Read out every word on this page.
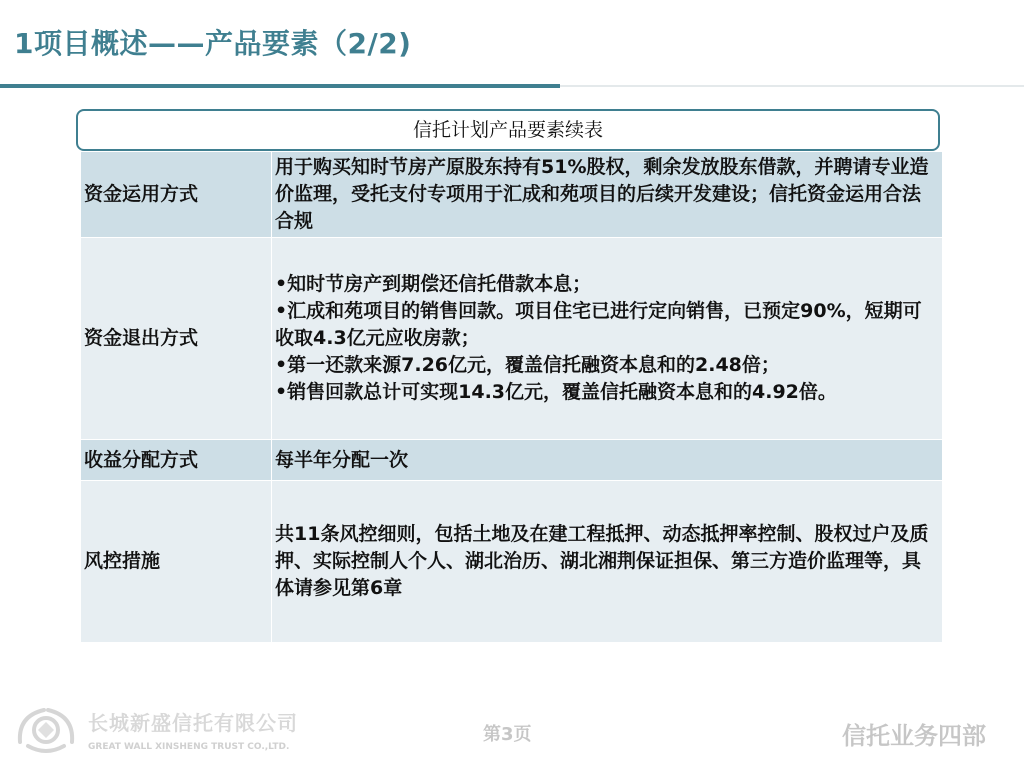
1项目概述——产品要素（2/2)
信托计划产品要素续表
资金运用方式	用于购买知时节房产原股东持有51%股权，剩余发放股东借款，并聘请专业造价监理，受托支付专项用于汇成和苑项目的后续开发建设；信托资金运用合法合规

资金退出方式	•知时节房产到期偿还信托借款本息；

•汇成和苑项目的销售回款。项目住宅已进行定向销售，已预定90%，短期可收取4.3亿元应收房款；

•第一还款来源7.26亿元，覆盖信托融资本息和的2.48倍；

•销售回款总计可实现14.3亿元，覆盖信托融资本息和的4.92倍。

收益分配方式	每半年分配一次

风控措施	共11条风控细则，包括土地及在建工程抵押、动态抵押率控制、股权过户及质押、实际控制人个人、湖北治历、湖北湘荆保证担保、第三方造价监理等，具体请参见第6章

长城新盛信托有限公司
GREAT WALL XINSHENG TRUST CO.,LTD.
第3页	信托业务四部
